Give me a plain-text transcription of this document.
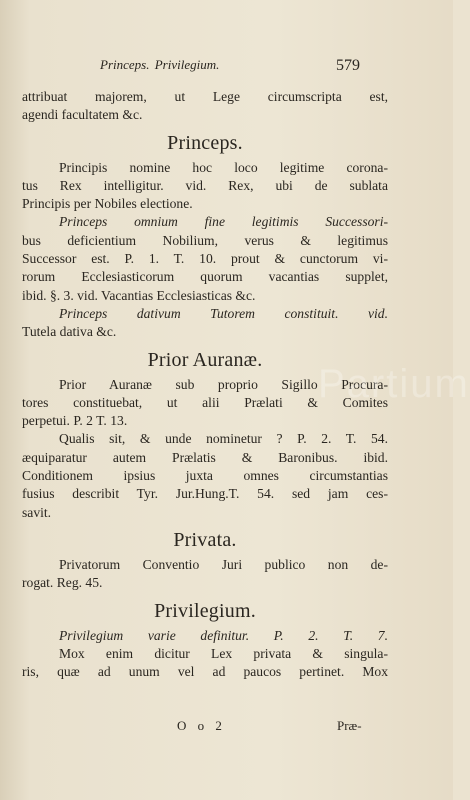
Princeps. Privilegium.	579
attribuat majorem, ut Lege circumscripta est,
agendi facultatem &c.
Princeps.
Principis nomine hoc loco legitime corona-
tus Rex intelligitur. vid. Rex, ubi de sublata
Principis per Nobiles electione.
Princeps omnium fine legitimis Successori-
bus deficientium Nobilium, verus & legitimus
Successor est. P. 1. T. 10. prout & cunctorum vi-
rorum Ecclesiasticorum quorum vacantias supplet,
ibid. §. 3. vid. Vacantias Ecclesiasticas &c.
Princeps dativum Tutorem constituit. vid.
Tutela dativa &c.
Prior Auranæ.
Prior Auranæ sub proprio Sigillo Procura-
tores constituebat, ut alii Prælati & Comites
perpetui. P. 2 T. 13.
Qualis sit, & unde nominetur ? P. 2. T. 54.
æquiparatur autem Prælatis & Baronibus. ibid.
Conditionem ipsius juxta omnes circumstantias
fusius describit Tyr. Jur.Hung.T. 54. sed jam ces-
savit.
Privata.
Privatorum Conventio Juri publico non de-
rogat. Reg. 45.
Privilegium.
Privilegium varie definitur. P. 2. T. 7.
Mox enim dicitur Lex privata & singula-
ris, quæ ad unum vel ad paucos pertinet. Mox
O o 2	Præ-
Partium
